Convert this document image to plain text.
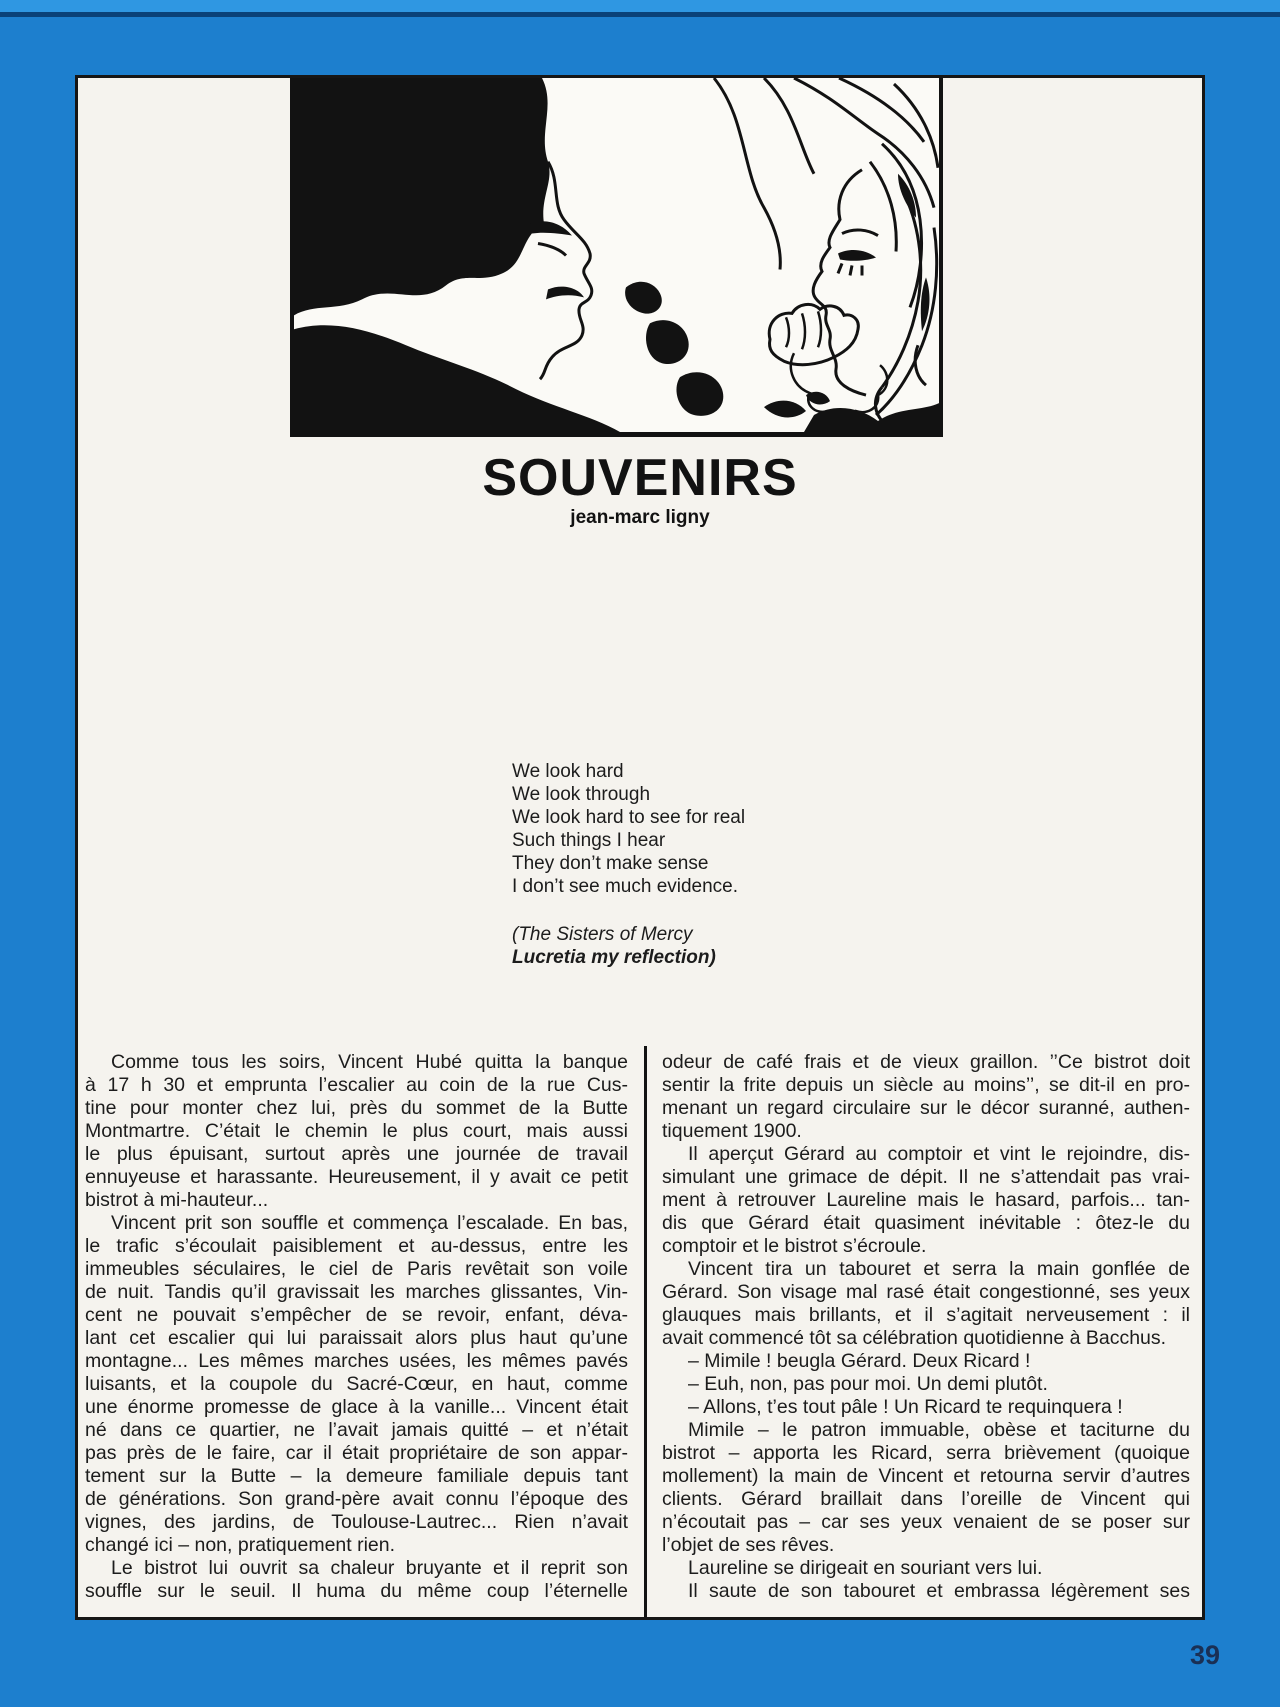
SOUVENIRS
jean-marc ligny
We look hard
We look through
We look hard to see for real
Such things I hear
They don’t make sense
I don’t see much evidence.
(The Sisters of Mercy
Lucretia my reflection)
Comme tous les soirs, Vincent Hubé quitta la banque
à 17 h 30 et emprunta l’escalier au coin de la rue Cus-
tine pour monter chez lui, près du sommet de la Butte
Montmartre. C’était le chemin le plus court, mais aussi
le plus épuisant, surtout après une journée de travail
ennuyeuse et harassante. Heureusement, il y avait ce petit
bistrot à mi-hauteur...
Vincent prit son souffle et commença l’escalade. En bas,
le trafic s’écoulait paisiblement et au-dessus, entre les
immeubles séculaires, le ciel de Paris revêtait son voile
de nuit. Tandis qu’il gravissait les marches glissantes, Vin-
cent ne pouvait s’empêcher de se revoir, enfant, déva-
lant cet escalier qui lui paraissait alors plus haut qu’une
montagne... Les mêmes marches usées, les mêmes pavés
luisants, et la coupole du Sacré-Cœur, en haut, comme
une énorme promesse de glace à la vanille... Vincent était
né dans ce quartier, ne l’avait jamais quitté – et n’était
pas près de le faire, car il était propriétaire de son appar-
tement sur la Butte – la demeure familiale depuis tant
de générations. Son grand-père avait connu l’époque des
vignes, des jardins, de Toulouse-Lautrec... Rien n’avait
changé ici – non, pratiquement rien.
Le bistrot lui ouvrit sa chaleur bruyante et il reprit son
souffle sur le seuil. Il huma du même coup l’éternelle
odeur de café frais et de vieux graillon. ’’Ce bistrot doit
sentir la frite depuis un siècle au moins’’, se dit-il en pro-
menant un regard circulaire sur le décor suranné, authen-
tiquement 1900.
Il aperçut Gérard au comptoir et vint le rejoindre, dis-
simulant une grimace de dépit. Il ne s’attendait pas vrai-
ment à retrouver Laureline mais le hasard, parfois... tan-
dis que Gérard était quasiment inévitable : ôtez-le du
comptoir et le bistrot s’écroule.
Vincent tira un tabouret et serra la main gonflée de
Gérard. Son visage mal rasé était congestionné, ses yeux
glauques mais brillants, et il s’agitait nerveusement : il
avait commencé tôt sa célébration quotidienne à Bacchus.
– Mimile ! beugla Gérard. Deux Ricard !
– Euh, non, pas pour moi. Un demi plutôt.
– Allons, t’es tout pâle ! Un Ricard te requinquera !
Mimile – le patron immuable, obèse et taciturne du
bistrot – apporta les Ricard, serra brièvement (quoique
mollement) la main de Vincent et retourna servir d’autres
clients. Gérard braillait dans l’oreille de Vincent qui
n’écoutait pas – car ses yeux venaient de se poser sur
l’objet de ses rêves.
Laureline se dirigeait en souriant vers lui.
Il saute de son tabouret et embrassa légèrement ses
39
